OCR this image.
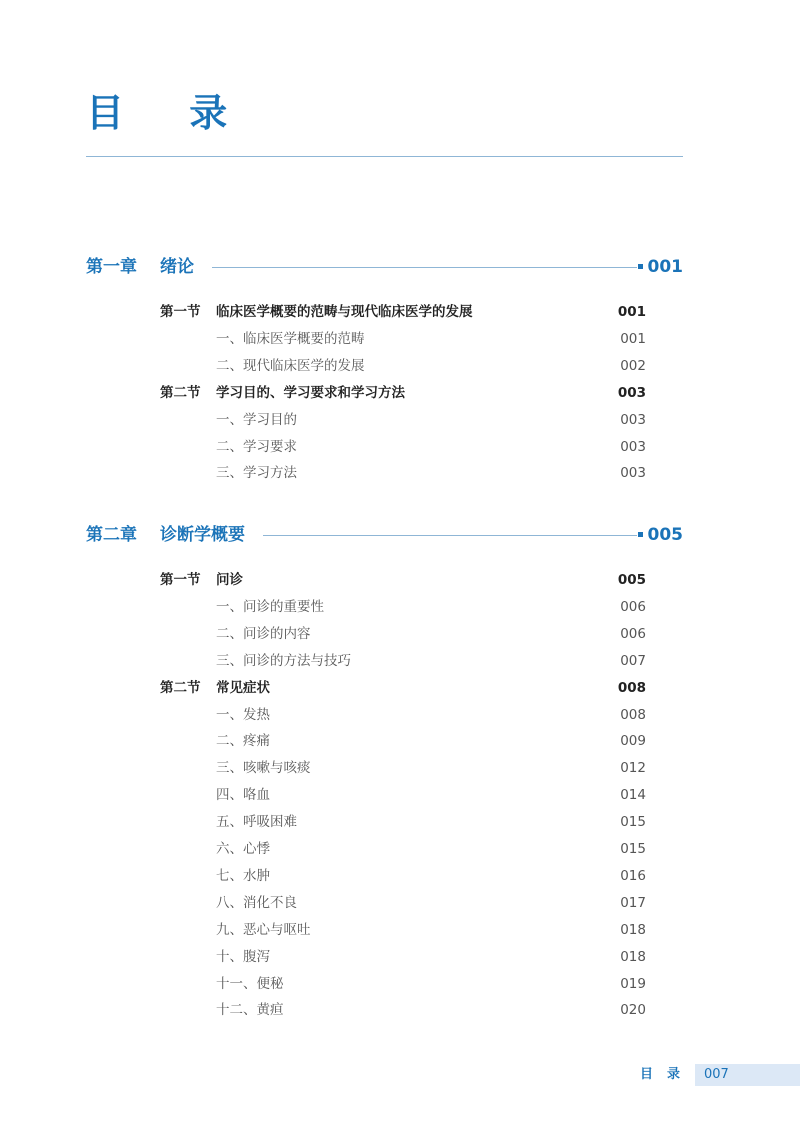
目 录
第一章 绪论	001
第一节 临床医学概要的范畴与现代临床医学的发展	001
一、临床医学概要的范畴	001
二、现代临床医学的发展	002
第二节 学习目的、学习要求和学习方法	003
一、学习目的	003
二、学习要求	003
三、学习方法	003
第二章 诊断学概要	005
第一节 问诊	005
一、问诊的重要性	006
二、问诊的内容	006
三、问诊的方法与技巧	007
第二节 常见症状	008
一、发热	008
二、疼痛	009
三、咳嗽与咳痰	012
四、咯血	014
五、呼吸困难	015
六、心悸	015
七、水肿	016
八、消化不良	017
九、恶心与呕吐	018
十、腹泻	018
十一、便秘	019
十二、黄疸	020
目录 007
